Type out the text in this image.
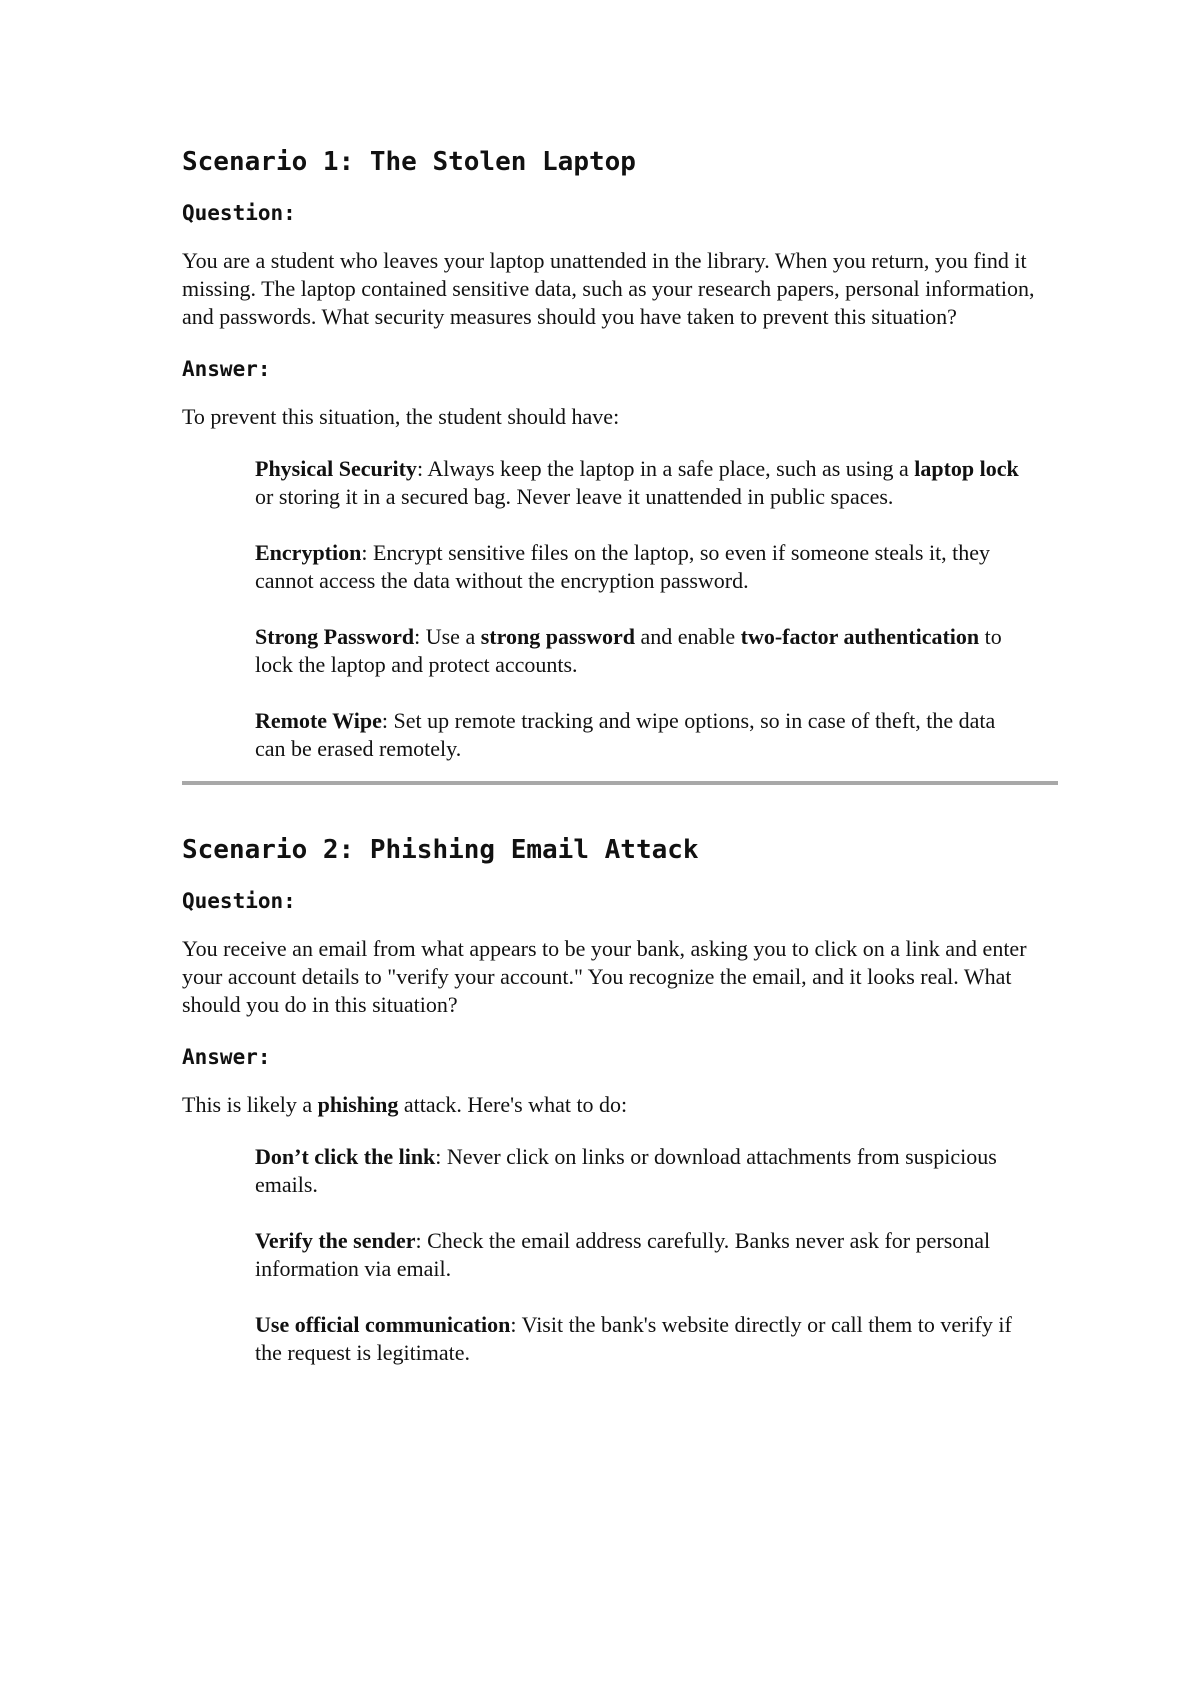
Scenario 1: The Stolen Laptop
Question:
You are a student who leaves your laptop unattended in the library. When you return, you find it missing. The laptop contained sensitive data, such as your research papers, personal information, and passwords. What security measures should you have taken to prevent this situation?
Answer:
To prevent this situation, the student should have:
Physical Security: Always keep the laptop in a safe place, such as using a laptop lock or storing it in a secured bag. Never leave it unattended in public spaces.
Encryption: Encrypt sensitive files on the laptop, so even if someone steals it, they cannot access the data without the encryption password.
Strong Password: Use a strong password and enable two-factor authentication to lock the laptop and protect accounts.
Remote Wipe: Set up remote tracking and wipe options, so in case of theft, the data can be erased remotely.
Scenario 2: Phishing Email Attack
Question:
You receive an email from what appears to be your bank, asking you to click on a link and enter your account details to "verify your account." You recognize the email, and it looks real. What should you do in this situation?
Answer:
This is likely a phishing attack. Here's what to do:
Don’t click the link: Never click on links or download attachments from suspicious emails.
Verify the sender: Check the email address carefully. Banks never ask for personal information via email.
Use official communication: Visit the bank's website directly or call them to verify if the request is legitimate.
